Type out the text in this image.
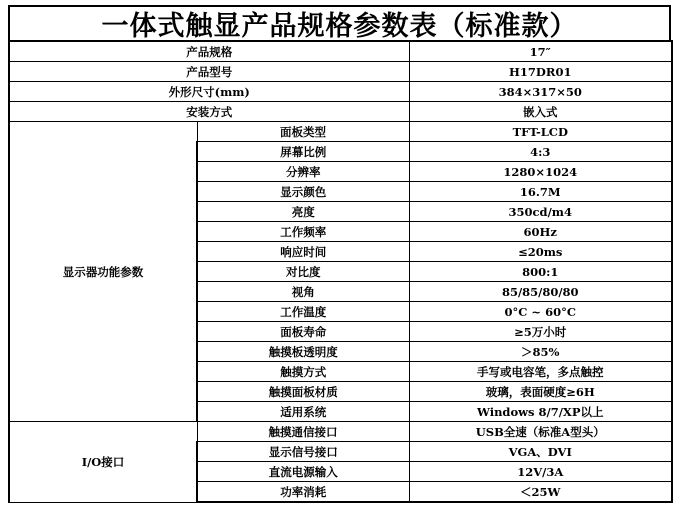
一体式触显产品规格参数表（标准款）
产品规格		17″
产品型号		H17DR01
外形尺寸(mm)		384×317×50
安装方式		嵌入式
显示器功能参数	面板类型	TFT-LCD
	屏幕比例	4:3
	分辨率	1280×1024
	显示颜色	16.7M
	亮度	350cd/m4
	工作频率	60Hz
	响应时间	≤20ms
	对比度	800:1
	视角	85/85/80/80
	工作温度	0°C ~ 60°C
	面板寿命	≥5万小时
	触摸板透明度	＞85%
	触摸方式	手写或电容笔，多点触控
	触摸面板材质	玻璃，表面硬度≥6H
	适用系统	Windows 8/7/XP以上
I/O接口	触摸通信接口	USB全速（标准A型头）
	显示信号接口	VGA、DVI
	直流电源输入	12V/3A
	功率消耗	＜25W
